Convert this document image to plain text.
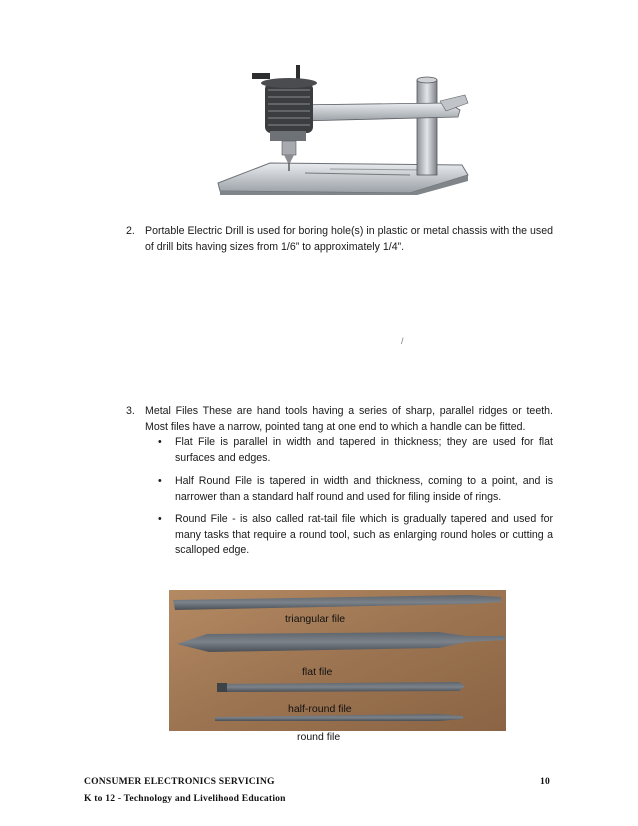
2. Portable Electric Drill is used for boring hole(s) in plastic or metal chassis with the used of drill bits having sizes from 1/6” to approximately 1/4”.
/
3. Metal Files These are hand tools having a series of sharp, parallel ridges or teeth. Most files have a narrow, pointed tang at one end to which a handle can be fitted.
• Flat File is parallel in width and tapered in thickness; they are used for flat surfaces and edges.
• Half Round File is tapered in width and thickness, coming to a point, and is narrower than a standard half round and used for filing inside of rings.
• Round File - is also called rat-tail file which is gradually tapered and used for many tasks that require a round tool, such as enlarging round holes or cutting a scalloped edge.
triangular file
flat file
half-round file
round file
CONSUMER ELECTRONICS SERVICING
K to 12 - Technology and Livelihood Education
10
